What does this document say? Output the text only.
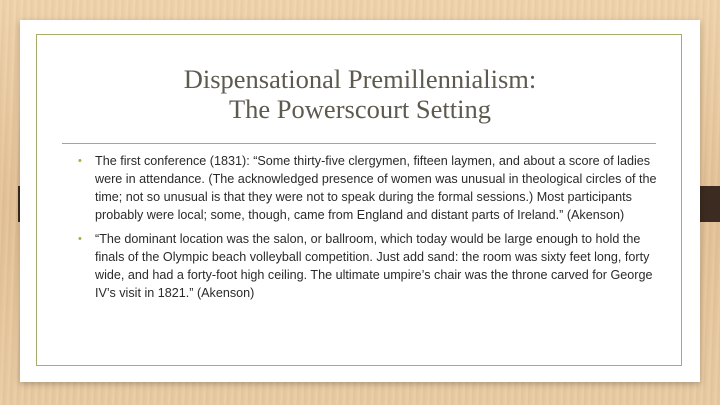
Dispensational Premillennialism:
The Powerscourt Setting
• The first conference (1831): “Some thirty-five clergymen, fifteen laymen, and about a score of ladies were in attendance. (The acknowledged presence of women was unusual in theological circles of the time; not so unusual is that they were not to speak during the formal sessions.) Most participants probably were local; some, though, came from England and distant parts of Ireland.” (Akenson)
• “The dominant location was the salon, or ballroom, which today would be large enough to hold the finals of the Olympic beach volleyball competition. Just add sand: the room was sixty feet long, forty wide, and had a forty-foot high ceiling. The ultimate umpire’s chair was the throne carved for George IV’s visit in 1821.” (Akenson)
